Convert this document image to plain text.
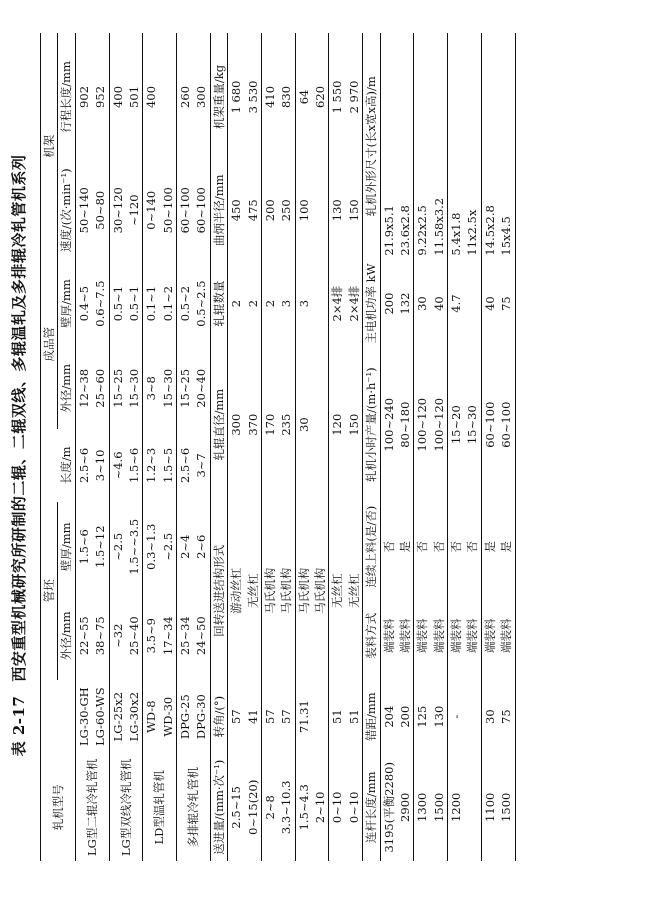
表 2-17西安重型机械研究所研制的二辊、二辊双线、多辊温轧及多排辊冷轧管机系列
轧机型号		管坯			成品管		机架	
		外径/mm	壁厚/mm	长度/m	外径/mm	壁厚/mm	速度/(次·min⁻¹)	行程长度/mm
LG型二辊冷轧管机	LG-30-GH	22~55	1.5~6	2.5~6	12~38	0.4~5	50~140	902
	LG-60-WS	38~75	1.5~12	3~10	25~60	0.6~7.5	50~80	952
LG型双线冷轧管机	LG-25x2	~32	~2.5	~4.6	15~25	0.5~1	30~120	400
	LG-30x2	25~40	1.5~~3.5	1.5~6	15~30	0.5~1	~120	501
LD型温轧管机	WD-8	3.5~9	0.3~1.3	1.2~3	3~8	0.1~1	0~140	400
	WD-30	17~34	~2.5	1.5~5	15~30	0.1~2	50~100	
多排辊冷轧管机	DPG-25	25~34	2~4	2.5~6	15~25	0.5~2	60~100	260
	DPG-30	24~50	2~6	3~7	20~40	0.5~2.5	60~100	300
送进量/(mm·次⁻¹)	转角/(°)	回转送进结构形式		轧辊直径/mm		轧辊数量	曲炳半径/mm	机架重量/kg
2.5~15	57	游动丝杠		300		2	450	1 680
0~15(20)	41	无丝杠		370		2	475	3 530
2~8	57	马氏机构		170		2	200	410
3.3~10.3	57	马氏机构		235		3	250	830
1.5~4.3	71.31	马氏机构		30		3	100	64
2~10		马氏机构						620
0~10	51	无丝杠		120		2×4排	130	1 550
0~10	51	无丝杠		150		2×4排	150	2 970
连杆长度/mm	错距/mm	装料方式	连续上料(是/否)	轧机小时产量/(m·h⁻¹)		主电机功率 kW	轧机外形尺寸(长x宽x高)/m	
3195(平衡2280)	204	端装料	否	100~240		200	21.9x5.1	
2900	200	端装料	是	80~180		132	23.6x2.8	
1300	125	端装料	否	100~120		30	9.22x2.5	
1500	130	端装料	否	100~120		40	11.58x3.2	
1200	-	端装料	否	15~20		4.7	5.4x1.8	
		端装料	否	15~30			11x2.5x	
1100	30	端装料	是	60~100		40	14.5x2.8	
1500	75	端装料	是	60~100		75	15x4.5	
